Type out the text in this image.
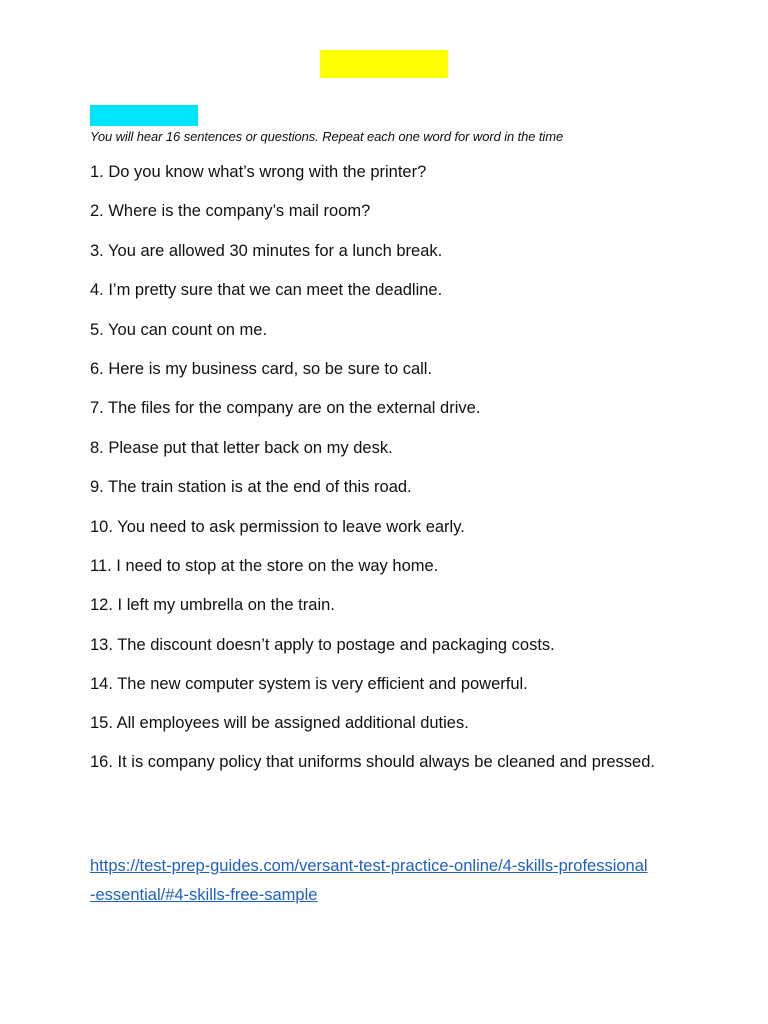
You will hear 16 sentences or questions. Repeat each one word for word in the time
1. Do you know what’s wrong with the printer?
2. Where is the company’s mail room?
3. You are allowed 30 minutes for a lunch break.
4. I’m pretty sure that we can meet the deadline.
5. You can count on me.
6. Here is my business card, so be sure to call.
7. The files for the company are on the external drive.
8. Please put that letter back on my desk.
9. The train station is at the end of this road.
10. You need to ask permission to leave work early.
11. I need to stop at the store on the way home.
12. I left my umbrella on the train.
13. The discount doesn’t apply to postage and packaging costs.
14. The new computer system is very efficient and powerful.
15. All employees will be assigned additional duties.
16. It is company policy that uniforms should always be cleaned and pressed.
https://test-prep-guides.com/versant-test-practice-online/4-skills-professional-essential/#4-skills-free-sample
